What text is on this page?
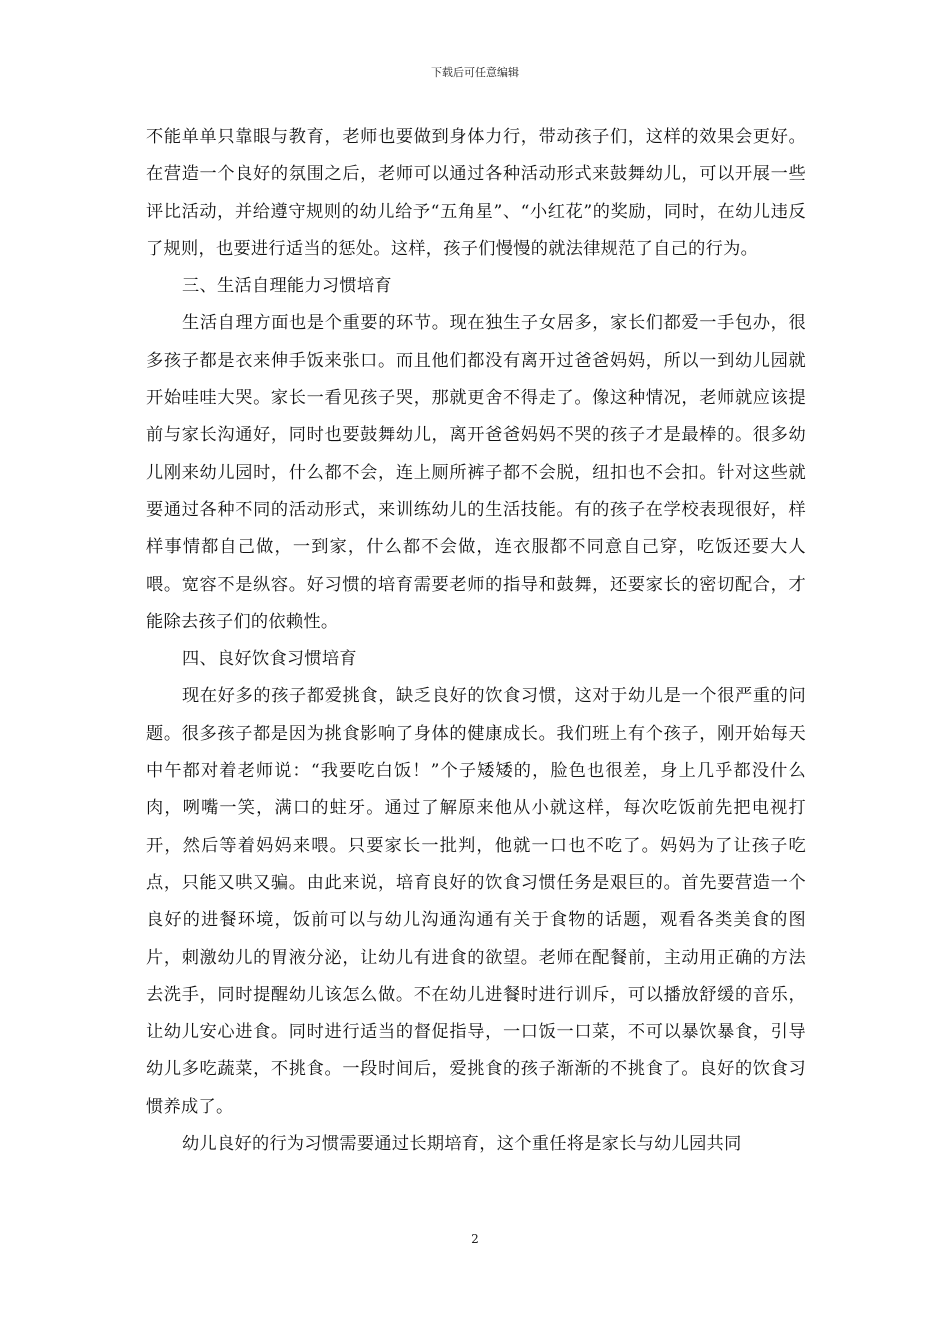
下载后可任意编辑

不能单单只靠眼与教育，老师也要做到身体力行，带动孩子们，这样的效果会更好。在营造一个良好的氛围之后，老师可以通过各种活动形式来鼓舞幼儿，可以开展一些评比活动，并给遵守规则的幼儿给予“五角星”、“小红花”的奖励，同时，在幼儿违反了规则，也要进行适当的惩处。这样，孩子们慢慢的就法律规范了自己的行为。

三、生活自理能力习惯培育

生活自理方面也是个重要的环节。现在独生子女居多，家长们都爱一手包办，很多孩子都是衣来伸手饭来张口。而且他们都没有离开过爸爸妈妈，所以一到幼儿园就开始哇哇大哭。家长一看见孩子哭，那就更舍不得走了。像这种情况，老师就应该提前与家长沟通好，同时也要鼓舞幼儿，离开爸爸妈妈不哭的孩子才是最棒的。很多幼儿刚来幼儿园时，什么都不会，连上厕所裤子都不会脱，纽扣也不会扣。针对这些就要通过各种不同的活动形式，来训练幼儿的生活技能。有的孩子在学校表现很好，样样事情都自己做，一到家，什么都不会做，连衣服都不同意自己穿，吃饭还要大人喂。宽容不是纵容。好习惯的培育需要老师的指导和鼓舞，还要家长的密切配合，才能除去孩子们的依赖性。

四、良好饮食习惯培育

现在好多的孩子都爱挑食，缺乏良好的饮食习惯，这对于幼儿是一个很严重的问题。很多孩子都是因为挑食影响了身体的健康成长。我们班上有个孩子，刚开始每天中午都对着老师说：“我要吃白饭！”个子矮矮的，脸色也很差，身上几乎都没什么肉，咧嘴一笑，满口的蛀牙。通过了解原来他从小就这样，每次吃饭前先把电视打开，然后等着妈妈来喂。只要家长一批判，他就一口也不吃了。妈妈为了让孩子吃点，只能又哄又骗。由此来说，培育良好的饮食习惯任务是艰巨的。首先要营造一个良好的进餐环境，饭前可以与幼儿沟通沟通有关于食物的话题，观看各类美食的图片，刺激幼儿的胃液分泌，让幼儿有进食的欲望。老师在配餐前，主动用正确的方法去洗手，同时提醒幼儿该怎么做。不在幼儿进餐时进行训斥，可以播放舒缓的音乐，让幼儿安心进食。同时进行适当的督促指导，一口饭一口菜，不可以暴饮暴食，引导幼儿多吃蔬菜，不挑食。一段时间后，爱挑食的孩子渐渐的不挑食了。良好的饮食习惯养成了。

幼儿良好的行为习惯需要通过长期培育，这个重任将是家长与幼儿园共同

2
